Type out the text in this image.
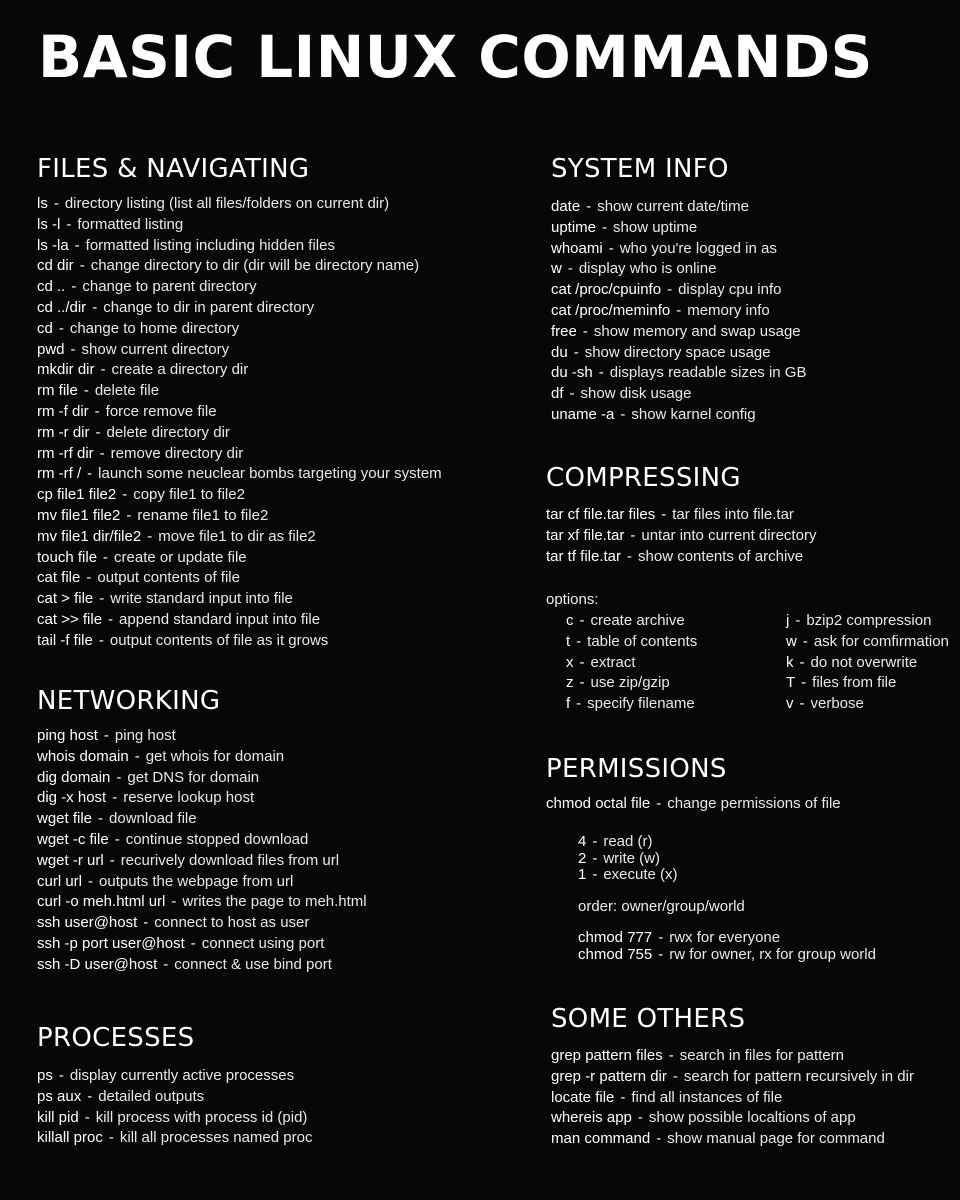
BASIC LINUX COMMANDS
FILES & NAVIGATING
ls - directory listing (list all files/folders on current dir)
ls -l - formatted listing
ls -la - formatted listing including hidden files
cd dir - change directory to dir (dir will be directory name)
cd .. - change to parent directory
cd ../dir - change to dir in parent directory
cd - change to home directory
pwd - show current directory
mkdir dir - create a directory dir
rm file - delete file
rm -f dir - force remove file
rm -r dir - delete directory dir
rm -rf dir - remove directory dir
rm -rf / - launch some neuclear bombs targeting your system
cp file1 file2 - copy file1 to file2
mv file1 file2 - rename file1 to file2
mv file1 dir/file2 - move file1 to dir as file2
touch file - create or update file
cat file - output contents of file
cat > file - write standard input into file
cat >> file - append standard input into file
tail -f file - output contents of file as it grows
NETWORKING
ping host - ping host
whois domain - get whois for domain
dig domain - get DNS for domain
dig -x host - reserve lookup host
wget file - download file
wget -c file - continue stopped download
wget -r url - recurively download files from url
curl url - outputs the webpage from url
curl -o meh.html url - writes the page to meh.html
ssh user@host - connect to host as user
ssh -p port user@host - connect using port
ssh -D user@host - connect & use bind port
PROCESSES
ps - display currently active processes
ps aux - detailed outputs
kill pid - kill process with process id (pid)
killall proc - kill all processes named proc
SYSTEM INFO
date - show current date/time
uptime - show uptime
whoami - who you're logged in as
w - display who is online
cat /proc/cpuinfo - display cpu info
cat /proc/meminfo - memory info
free - show memory and swap usage
du - show directory space usage
du -sh - displays readable sizes in GB
df - show disk usage
uname -a - show karnel config
COMPRESSING
tar cf file.tar files - tar files into file.tar
tar xf file.tar - untar into current directory
tar tf file.tar - show contents of archive
options:
c - create archive
t - table of contents
x - extract
z - use zip/gzip
f - specify filename
j - bzip2 compression
w - ask for comfirmation
k - do not overwrite
T - files from file
v - verbose
PERMISSIONS
chmod octal file - change permissions of file
4 - read (r)
2 - write (w)
1 - execute (x)
order: owner/group/world
chmod 777 - rwx for everyone
chmod 755 - rw for owner, rx for group world
SOME OTHERS
grep pattern files - search in files for pattern
grep -r pattern dir - search for pattern recursively in dir
locate file - find all instances of file
whereis app - show possible localtions of app
man command - show manual page for command
